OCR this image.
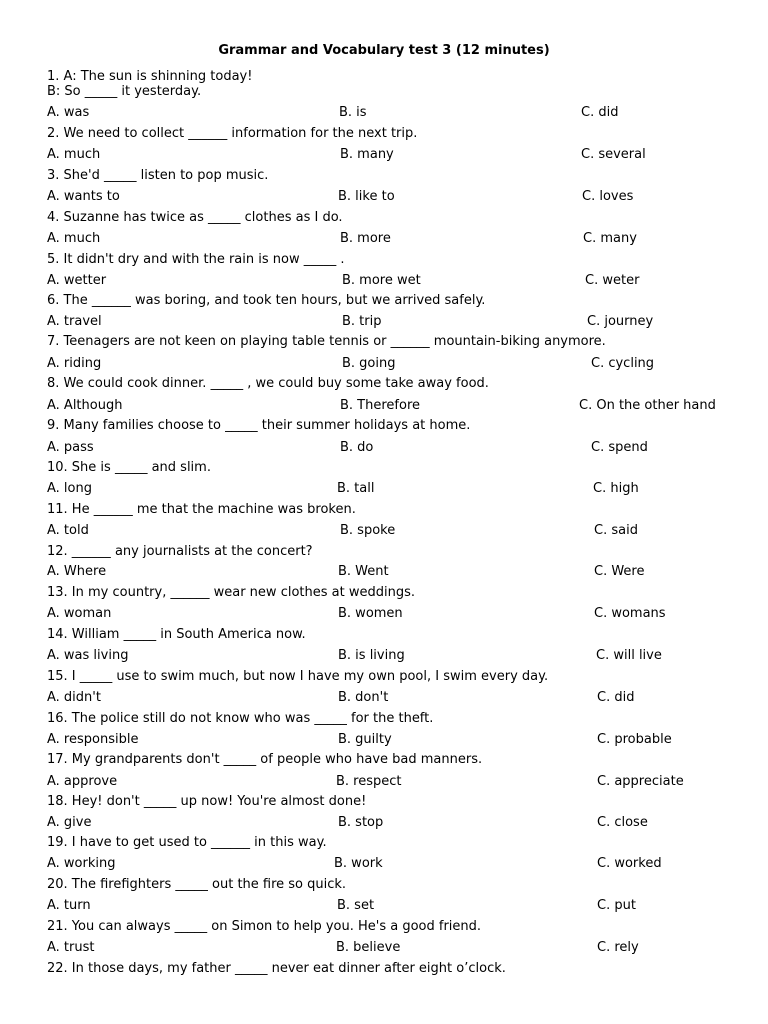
Grammar and Vocabulary test 3 (12 minutes)
1. A: The sun is shinning today!
B: So _____ it yesterday.
A. was	B. is	C. did
2. We need to collect ______ information for the next trip.
A. much	B. many	C. several
3. She'd _____ listen to pop music.
A. wants to	B. like to	C. loves
4. Suzanne has twice as _____ clothes as I do.
A. much	B. more	C. many
5. It didn't dry and with the rain is now _____ .
A. wetter	B. more wet	C. weter
6. The ______ was boring, and took ten hours, but we arrived safely.
A. travel	B. trip	C. journey
7. Teenagers are not keen on playing table tennis or ______ mountain-biking anymore.
A. riding	B. going	C. cycling
8. We could cook dinner. _____ , we could buy some take away food.
A. Although	B. Therefore	C. On the other hand
9. Many families choose to _____ their summer holidays at home.
A. pass	B. do	C. spend
10. She is _____ and slim.
A. long	B. tall	C. high
11. He ______ me that the machine was broken.
A. told	B. spoke	C. said
12. ______ any journalists at the concert?
A. Where	B. Went	C. Were
13. In my country, ______ wear new clothes at weddings.
A. woman	B. women	C. womans
14. William _____ in South America now.
A. was living	B. is living	C. will live
15. I _____ use to swim much, but now I have my own pool, I swim every day.
A. didn't	B. don't	C. did
16. The police still do not know who was _____ for the theft.
A. responsible	B. guilty	C. probable
17. My grandparents don't _____ of people who have bad manners.
A. approve	B. respect	C. appreciate
18. Hey! don't _____ up now! You're almost done!
A. give	B. stop	C. close
19. I have to get used to ______ in this way.
A. working	B. work	C. worked
20. The firefighters _____ out the fire so quick.
A. turn	B. set	C. put
21. You can always _____ on Simon to help you. He's a good friend.
A. trust	B. believe	C. rely
22. In those days, my father _____ never eat dinner after eight o’clock.
